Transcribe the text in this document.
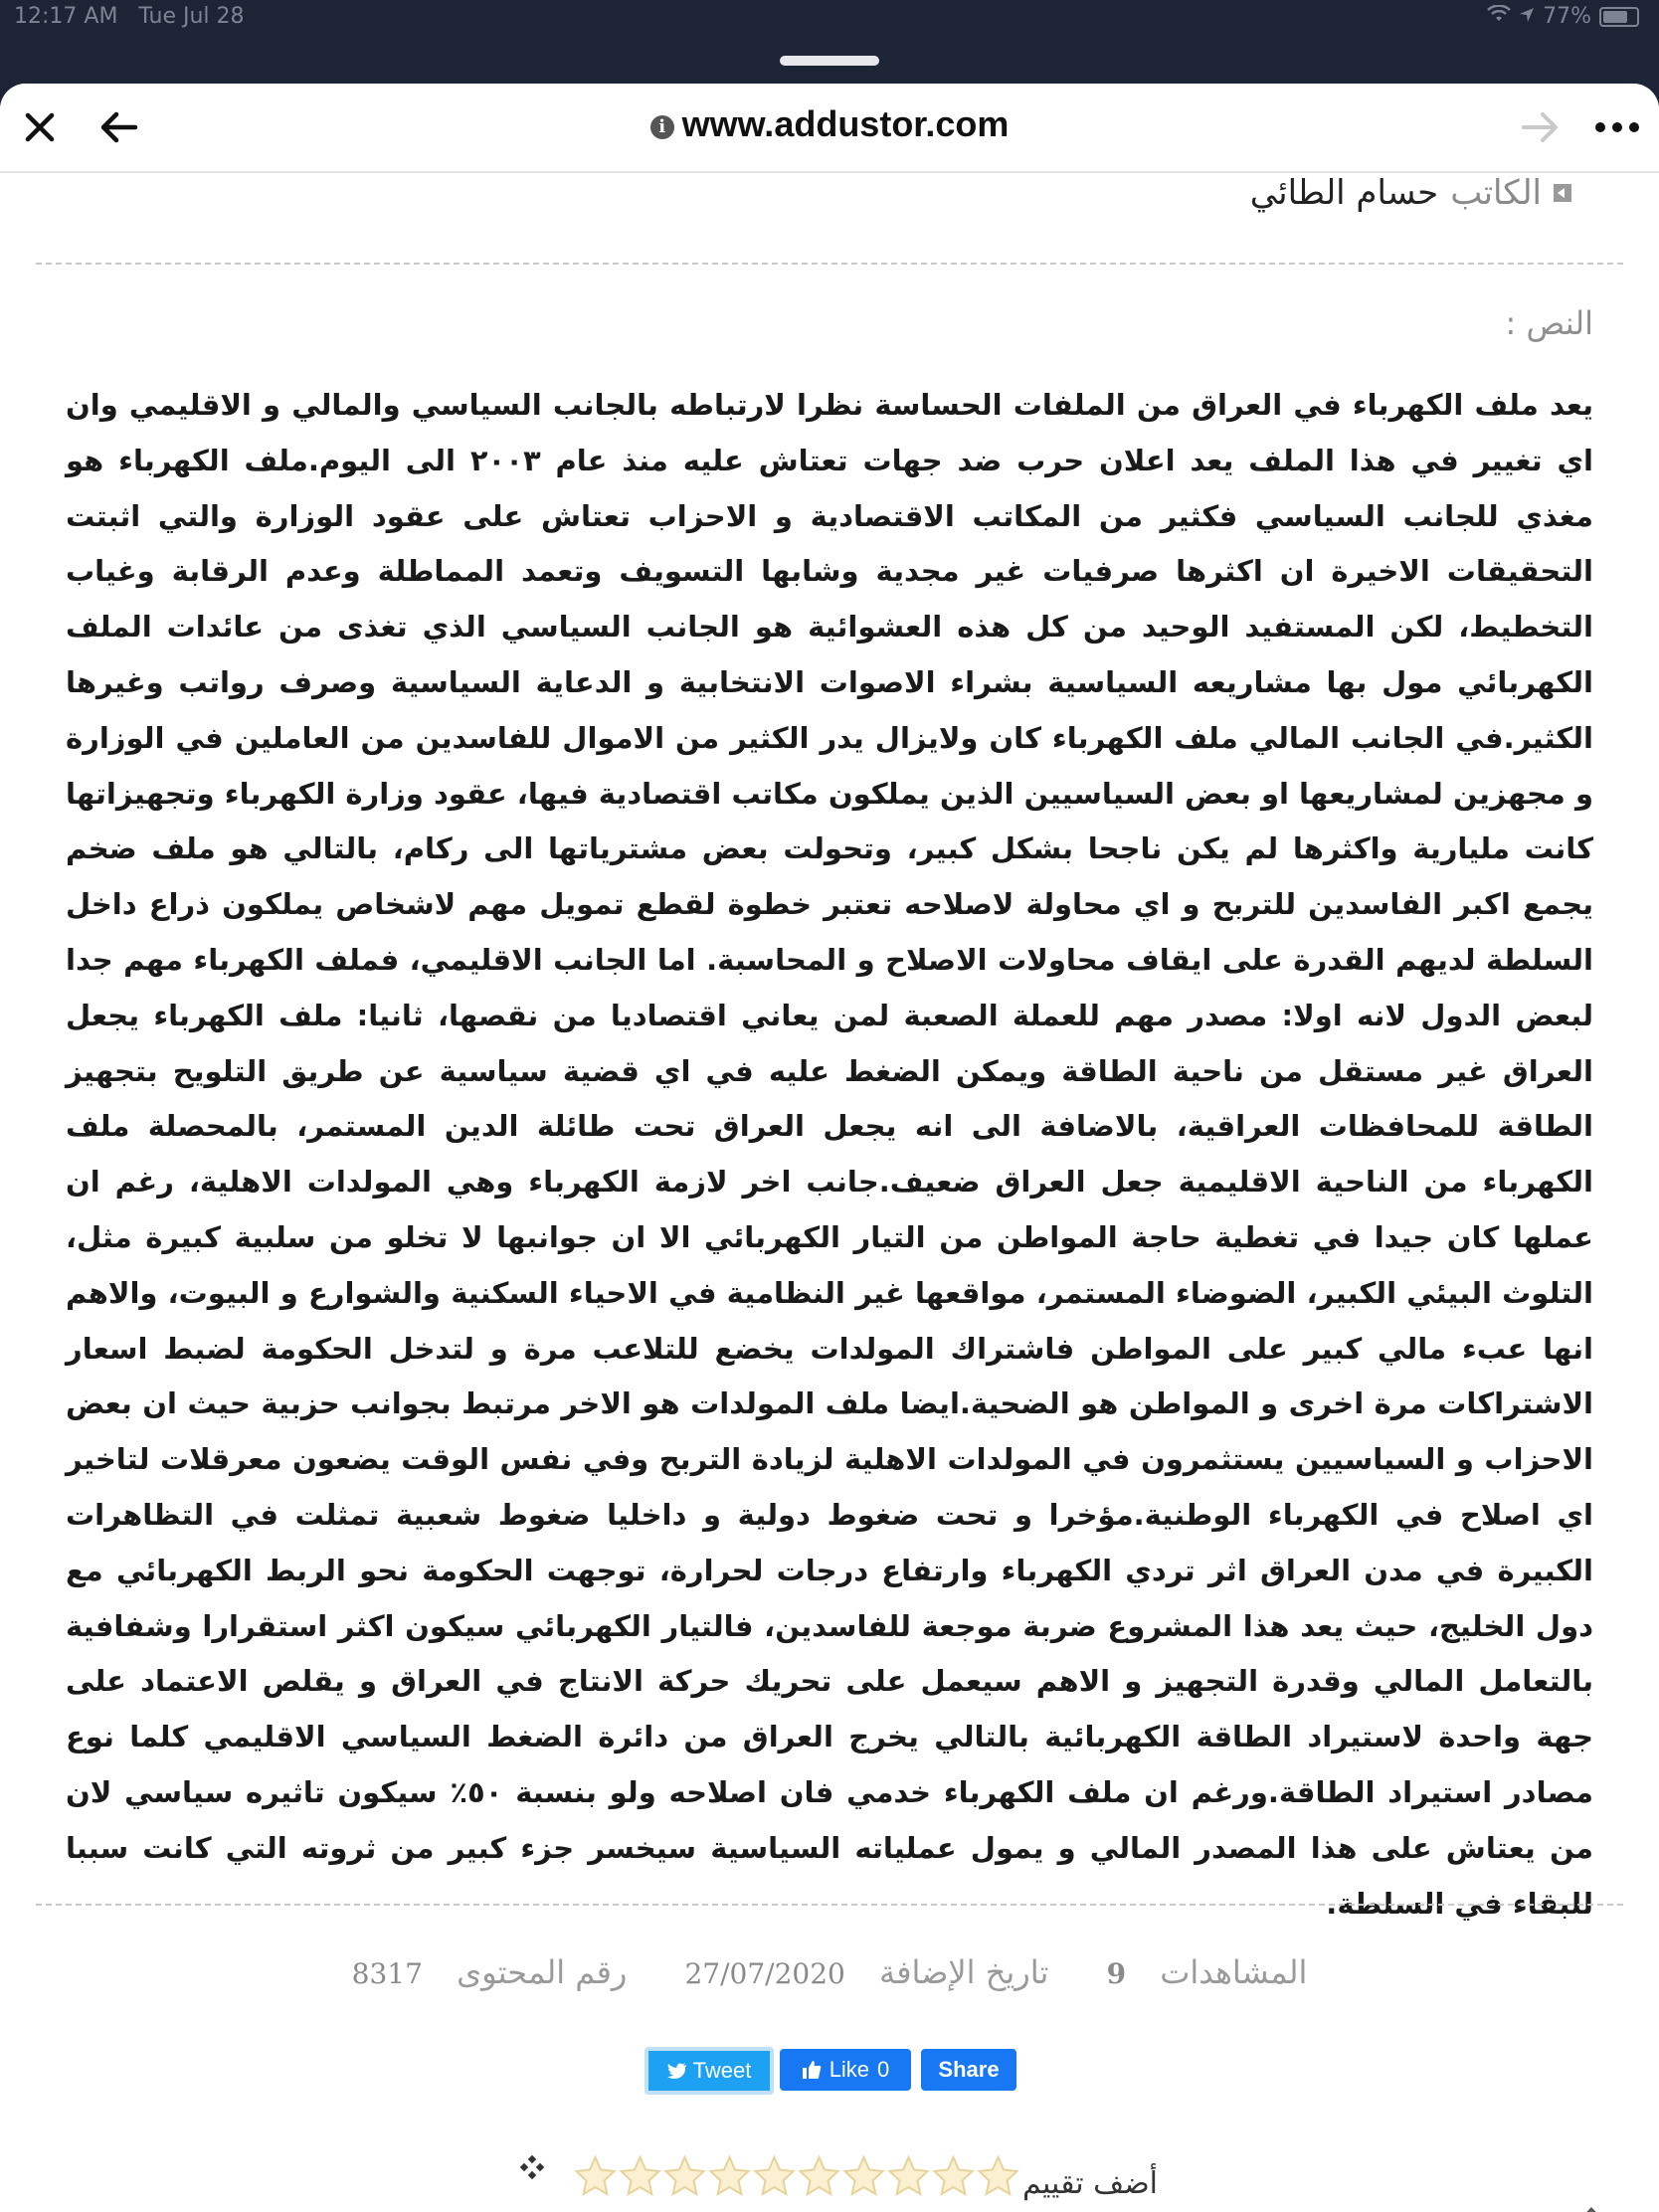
12:17 AM Tue Jul 28	77%
i www.addustor.com
الكاتب
حسام الطائي
النص :
يعد ملف الكهرباء في العراق من الملفات الحساسة نظرا لارتباطه بالجانب السياسي والمالي و الاقليمي وان اي تغيير في هذا الملف يعد اعلان حرب ضد جهات تعتاش عليه منذ عام ٢٠٠٣ الى اليوم.ملف الكهرباء هو مغذي للجانب السياسي فكثير من المكاتب الاقتصادية و الاحزاب تعتاش على عقود الوزارة والتي اثبتت التحقيقات الاخيرة ان اكثرها صرفيات غير مجدية وشابها التسويف وتعمد المماطلة وعدم الرقابة وغياب التخطيط، لكن المستفيد الوحيد من كل هذه العشوائية هو الجانب السياسي الذي تغذى من عائدات الملف الكهربائي مول بها مشاريعه السياسية بشراء الاصوات الانتخابية و الدعاية السياسية وصرف رواتب وغيرها الكثير.في الجانب المالي ملف الكهرباء كان ولايزال يدر الكثير من الاموال للفاسدين من العاملين في الوزارة و مجهزين لمشاريعها او بعض السياسيين الذين يملكون مكاتب اقتصادية فيها، عقود وزارة الكهرباء وتجهيزاتها كانت مليارية واكثرها لم يكن ناجحا بشكل كبير، وتحولت بعض مشترياتها الى ركام، بالتالي هو ملف ضخم يجمع اكبر الفاسدين للتربح و اي محاولة لاصلاحه تعتبر خطوة لقطع تمويل مهم لاشخاص يملكون ذراع داخل السلطة لديهم القدرة على ايقاف محاولات الاصلاح و المحاسبة. اما الجانب الاقليمي، فملف الكهرباء مهم جدا لبعض الدول لانه اولا: مصدر مهم للعملة الصعبة لمن يعاني اقتصاديا من نقصها، ثانيا: ملف الكهرباء يجعل العراق غير مستقل من ناحية الطاقة ويمكن الضغط عليه في اي قضية سياسية عن طريق التلويح بتجهيز الطاقة للمحافظات العراقية، بالاضافة الى انه يجعل العراق تحت طائلة الدين المستمر، بالمحصلة ملف الكهرباء من الناحية الاقليمية جعل العراق ضعيف.جانب اخر لازمة الكهرباء وهي المولدات الاهلية، رغم ان عملها كان جيدا في تغطية حاجة المواطن من التيار الكهربائي الا ان جوانبها لا تخلو من سلبية كبيرة مثل، التلوث البيئي الكبير، الضوضاء المستمر، مواقعها غير النظامية في الاحياء السكنية والشوارع و البيوت، والاهم انها عبء مالي كبير على المواطن فاشتراك المولدات يخضع للتلاعب مرة و لتدخل الحكومة لضبط اسعار الاشتراكات مرة اخرى و المواطن هو الضحية.ايضا ملف المولدات هو الاخر مرتبط بجوانب حزبية حيث ان بعض الاحزاب و السياسيين يستثمرون في المولدات الاهلية لزيادة التربح وفي نفس الوقت يضعون معرقلات لتاخير اي اصلاح في الكهرباء الوطنية.مؤخرا و تحت ضغوط دولية و داخليا ضغوط شعبية تمثلت في التظاهرات الكبيرة في مدن العراق اثر تردي الكهرباء وارتفاع درجات لحرارة، توجهت الحكومة نحو الربط الكهربائي مع دول الخليج، حيث يعد هذا المشروع ضربة موجعة للفاسدين، فالتيار الكهربائي سيكون اكثر استقرارا وشفافية بالتعامل المالي وقدرة التجهيز و الاهم سيعمل على تحريك حركة الانتاج في العراق و يقلص الاعتماد على جهة واحدة لاستيراد الطاقة الكهربائية بالتالي يخرج العراق من دائرة الضغط السياسي الاقليمي كلما نوع مصادر استيراد الطاقة.ورغم ان ملف الكهرباء خدمي فان اصلاحه ولو بنسبة ٥٠٪ سيكون تاثيره سياسي لان من يعتاش على هذا المصدر المالي و يمول عملياته السياسية سيخسر جزء كبير من ثروته التي كانت سببا للبقاء في السلطة.
المشاهدات 9 تاريخ الإضافة 27/07/2020 رقم المحتوى 8317
Tweet	Like 0 Share
أضف تقييم
